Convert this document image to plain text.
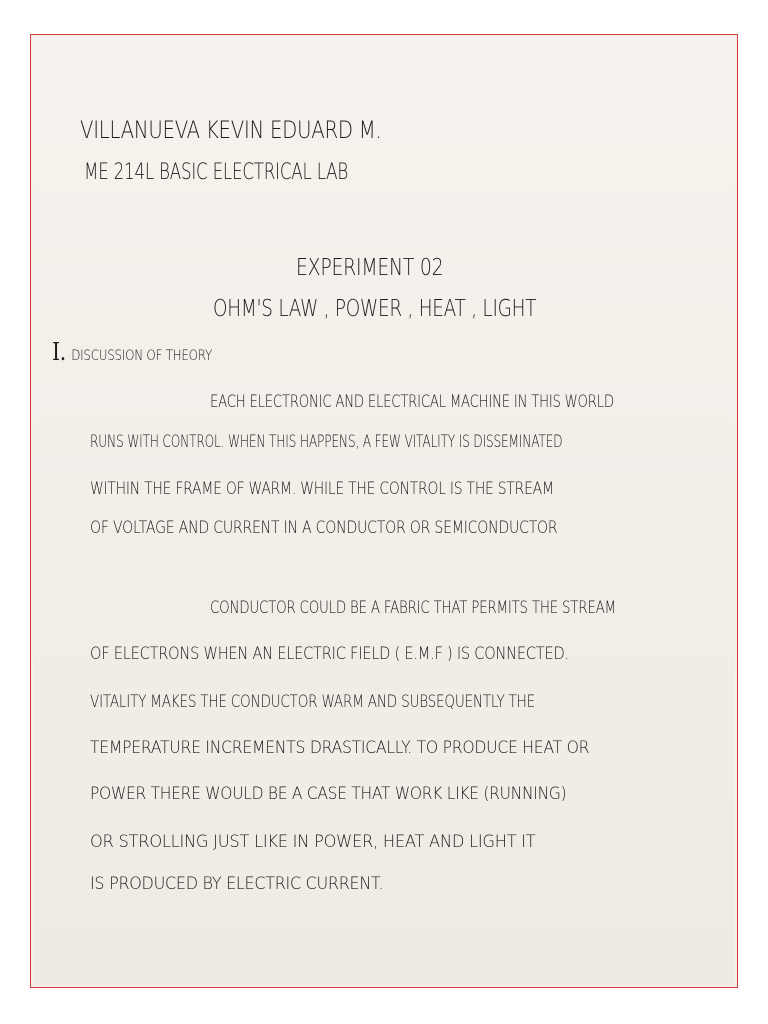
VILLANUEVA KEVIN EDUARD M.
ME 214L BASIC ELECTRICAL LAB
EXPERIMENT 02
OHM'S LAW , POWER , HEAT , LIGHT
I. DISCUSSION OF THEORY
EACH ELECTRONIC AND ELECTRICAL MACHINE IN THIS WORLD
RUNS WITH CONTROL. WHEN THIS HAPPENS, A FEW VITALITY IS DISSEMINATED
WITHIN THE FRAME OF WARM. WHILE THE CONTROL IS THE STREAM
OF VOLTAGE AND CURRENT IN A CONDUCTOR OR SEMICONDUCTOR
CONDUCTOR COULD BE A FABRIC THAT PERMITS THE STREAM
OF ELECTRONS WHEN AN ELECTRIC FIELD ( E.M.F ) IS CONNECTED.
VITALITY MAKES THE CONDUCTOR WARM AND SUBSEQUENTLY THE
TEMPERATURE INCREMENTS DRASTICALLY. TO PRODUCE HEAT OR
POWER THERE WOULD BE A CASE THAT WORK LIKE (RUNNING)
OR STROLLING JUST LIKE IN POWER, HEAT AND LIGHT IT
IS PRODUCED BY ELECTRIC CURRENT.
